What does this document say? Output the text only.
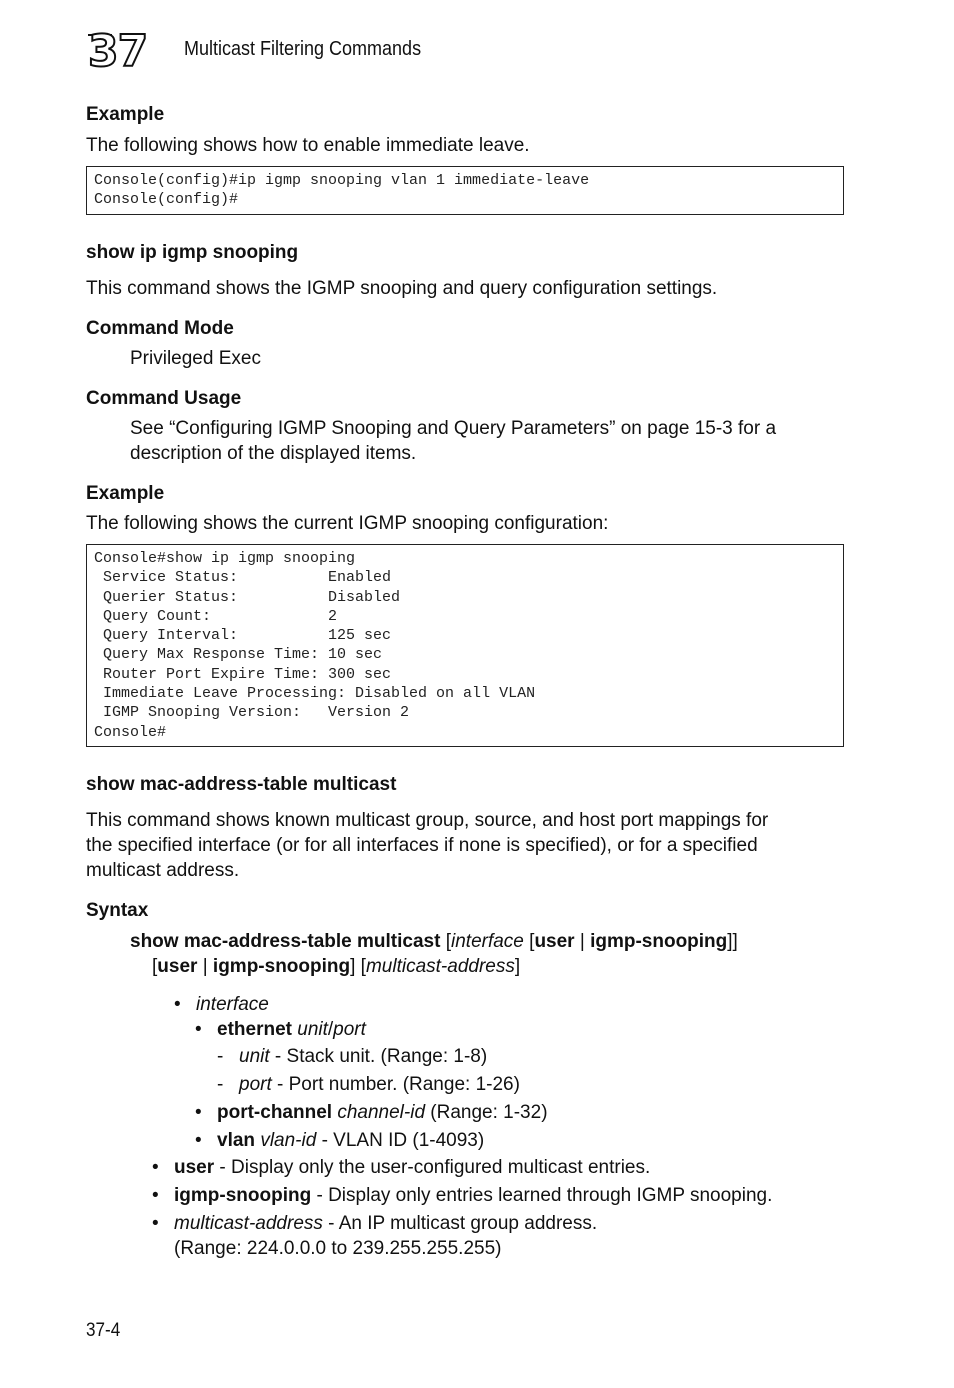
37 Multicast Filtering Commands
Example
The following shows how to enable immediate leave.
Console(config)#ip igmp snooping vlan 1 immediate-leave
Console(config)#
show ip igmp snooping
This command shows the IGMP snooping and query configuration settings.
Command Mode
Privileged Exec
Command Usage
See “Configuring IGMP Snooping and Query Parameters” on page 15-3 for a
description of the displayed items.
Example
The following shows the current IGMP snooping configuration:
Console#show ip igmp snooping
Service Status:          Enabled
Querier Status:          Disabled
Query Count:             2
Query Interval:          125 sec
Query Max Response Time: 10 sec
Router Port Expire Time: 300 sec
Immediate Leave Processing: Disabled on all VLAN
IGMP Snooping Version:   Version 2
Console#
show mac-address-table multicast
This command shows known multicast group, source, and host port mappings for
the specified interface (or for all interfaces if none is specified), or for a specified
multicast address.
Syntax
show mac-address-table multicast [interface [user | igmp-snooping]]
[user | igmp-snooping] [multicast-address]
• interface
• ethernet unit/port
- unit - Stack unit. (Range: 1-8)
- port - Port number. (Range: 1-26)
• port-channel channel-id (Range: 1-32)
• vlan vlan-id - VLAN ID (1-4093)
• user - Display only the user-configured multicast entries.
• igmp-snooping - Display only entries learned through IGMP snooping.
• multicast-address - An IP multicast group address.
(Range: 224.0.0.0 to 239.255.255.255)
37-4
